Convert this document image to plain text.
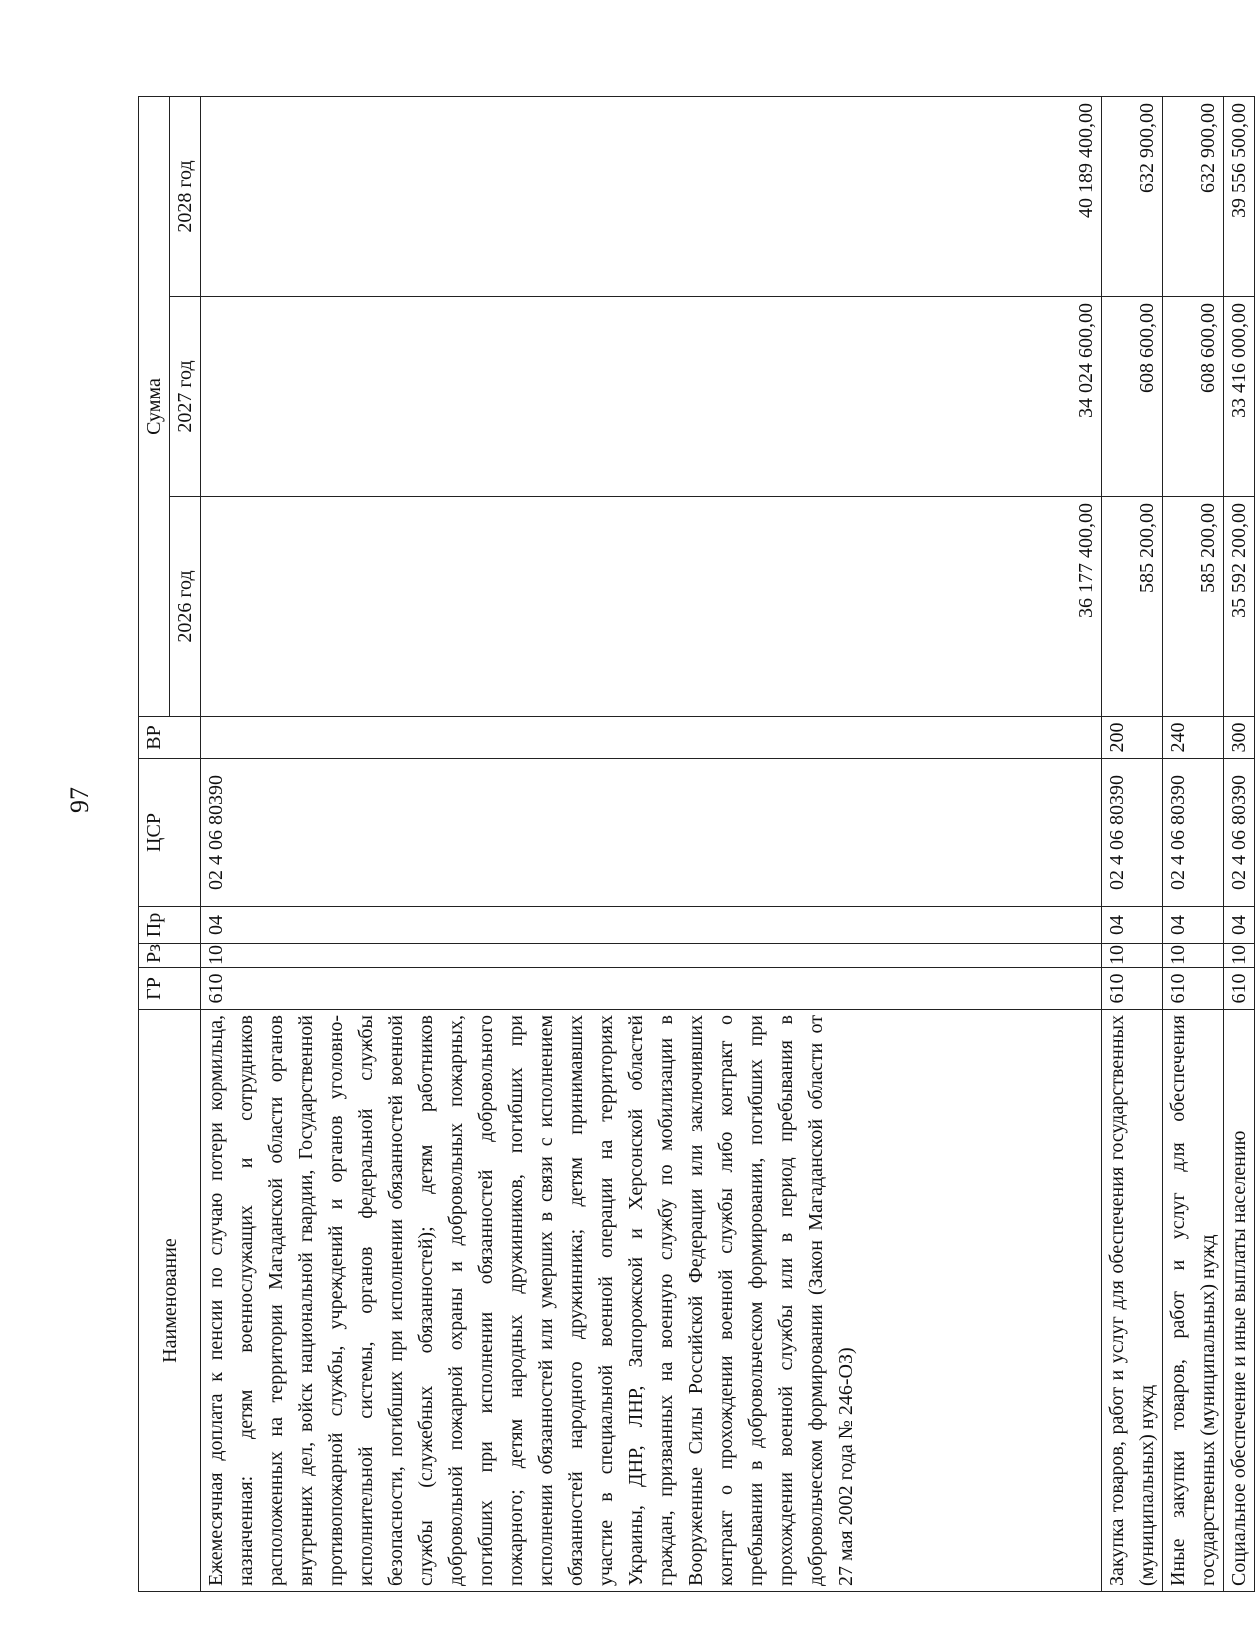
97
Наименование	ГР	Рз	Пр	ЦСР	ВР	Сумма		
						2026 год	2027 год	2028 год
Ежемесячная доплата к пенсии по случаю потери кормильца, назначенная: детям военнослужащих и сотрудников расположенных на территории Магаданской области органов внутренних дел, войск национальной гвардии, Государственной противопожарной службы, учреждений и органов уголовно-исполнительной системы, органов федеральной службы безопасности, погибших при исполнении обязанностей военной службы (служебных обязанностей); детям работников добровольной пожарной охраны и добровольных пожарных, погибших при исполнении обязанностей добровольного пожарного; детям народных дружинников, погибших при исполнении обязанностей или умерших в связи с исполнением обязанностей народного дружинника; детям принимавших участие в специальной военной операции на территориях Украины, ДНР, ЛНР, Запорожской и Херсонской областей граждан, призванных на военную службу по мобилизации в Вооруженные Силы Российской Федерации или заключивших контракт о прохождении военной службы либо контракт о пребывании в добровольческом формировании, погибших при прохождении военной службы или в период пребывания в добровольческом формировании (Закон Магаданской области от 27 мая 2002 года № 246-ОЗ)	610	10	04	02 4 06 80390		36 177 400,00	34 024 600,00	40 189 400,00
Закупка товаров, работ и услуг для обеспечения государственных (муниципальных) нужд	610	10	04	02 4 06 80390	200	585 200,00	608 600,00	632 900,00
Иные закупки товаров, работ и услуг для обеспечения государственных (муниципальных) нужд	610	10	04	02 4 06 80390	240	585 200,00	608 600,00	632 900,00
Социальное обеспечение и иные выплаты населению	610	10	04	02 4 06 80390	300	35 592 200,00	33 416 000,00	39 556 500,00
